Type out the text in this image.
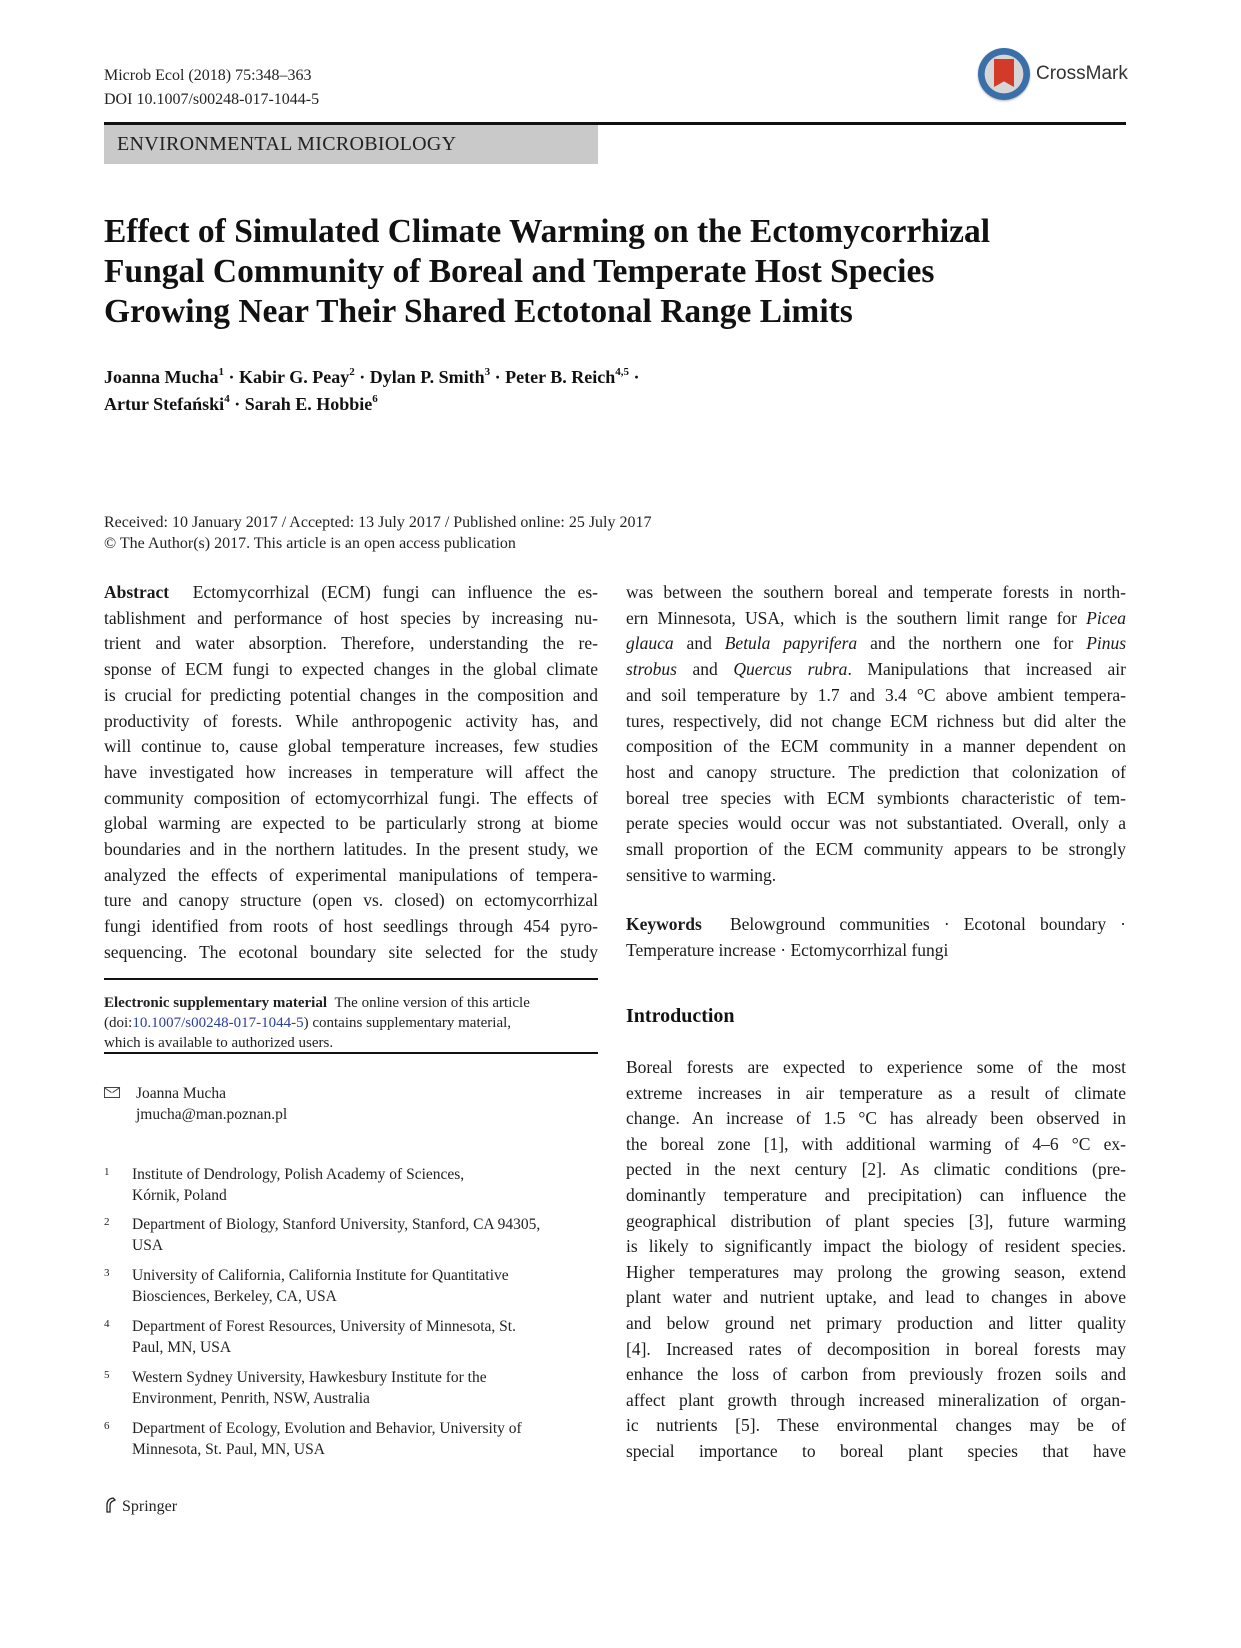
Microb Ecol (2018) 75:348–363
DOI 10.1007/s00248-017-1044-5
CrossMark
ENVIRONMENTAL MICROBIOLOGY
Effect of Simulated Climate Warming on the Ectomycorrhizal
Fungal Community of Boreal and Temperate Host Species
Growing Near Their Shared Ectotonal Range Limits
Joanna Mucha$^1$ · Kabir G. Peay$^2$ · Dylan P. Smith$^3$ · Peter B. Reich$^{4,5}$ ·
Artur Stefański$^4$ · Sarah E. Hobbie$^6$
Received: 10 January 2017 / Accepted: 13 July 2017 / Published online: 25 July 2017
© The Author(s) 2017. This article is an open access publication
Abstract Ectomycorrhizal (ECM) fungi can influence the es-
tablishment and performance of host species by increasing nu-
trient and water absorption. Therefore, understanding the re-
sponse of ECM fungi to expected changes in the global climate
is crucial for predicting potential changes in the composition and
productivity of forests. While anthropogenic activity has, and
will continue to, cause global temperature increases, few studies
have investigated how increases in temperature will affect the
community composition of ectomycorrhizal fungi. The effects of
global warming are expected to be particularly strong at biome
boundaries and in the northern latitudes. In the present study, we
analyzed the effects of experimental manipulations of tempera-
ture and canopy structure (open vs. closed) on ectomycorrhizal
fungi identified from roots of host seedlings through 454 pyro-
sequencing. The ecotonal boundary site selected for the study
was between the southern boreal and temperate forests in north-
ern Minnesota, USA, which is the southern limit range for Picea
glauca and Betula papyrifera and the northern one for Pinus
strobus and Quercus rubra. Manipulations that increased air
and soil temperature by 1.7 and 3.4 °C above ambient tempera-
tures, respectively, did not change ECM richness but did alter the
composition of the ECM community in a manner dependent on
host and canopy structure. The prediction that colonization of
boreal tree species with ECM symbionts characteristic of tem-
perate species would occur was not substantiated. Overall, only a
small proportion of the ECM community appears to be strongly
sensitive to warming.
Keywords Belowground communities · Ecotonal boundary ·
Temperature increase · Ectomycorrhizal fungi
Electronic supplementary material The online version of this article
(doi:10.1007/s00248-017-1044-5) contains supplementary material,
which is available to authorized users.
Joanna Mucha
jmucha@man.poznan.pl
1 Institute of Dendrology, Polish Academy of Sciences,
Kórnik, Poland
2 Department of Biology, Stanford University, Stanford, CA 94305,
USA
3 University of California, California Institute for Quantitative
Biosciences, Berkeley, CA, USA
4 Department of Forest Resources, University of Minnesota, St.
Paul, MN, USA
5 Western Sydney University, Hawkesbury Institute for the
Environment, Penrith, NSW, Australia
6 Department of Ecology, Evolution and Behavior, University of
Minnesota, St. Paul, MN, USA
Introduction
Boreal forests are expected to experience some of the most
extreme increases in air temperature as a result of climate
change. An increase of 1.5 °C has already been observed in
the boreal zone [1], with additional warming of 4–6 °C ex-
pected in the next century [2]. As climatic conditions (pre-
dominantly temperature and precipitation) can influence the
geographical distribution of plant species [3], future warming
is likely to significantly impact the biology of resident species.
Higher temperatures may prolong the growing season, extend
plant water and nutrient uptake, and lead to changes in above
and below ground net primary production and litter quality
[4]. Increased rates of decomposition in boreal forests may
enhance the loss of carbon from previously frozen soils and
affect plant growth through increased mineralization of organ-
ic nutrients [5]. These environmental changes may be of
special importance to boreal plant species that have
Springer
